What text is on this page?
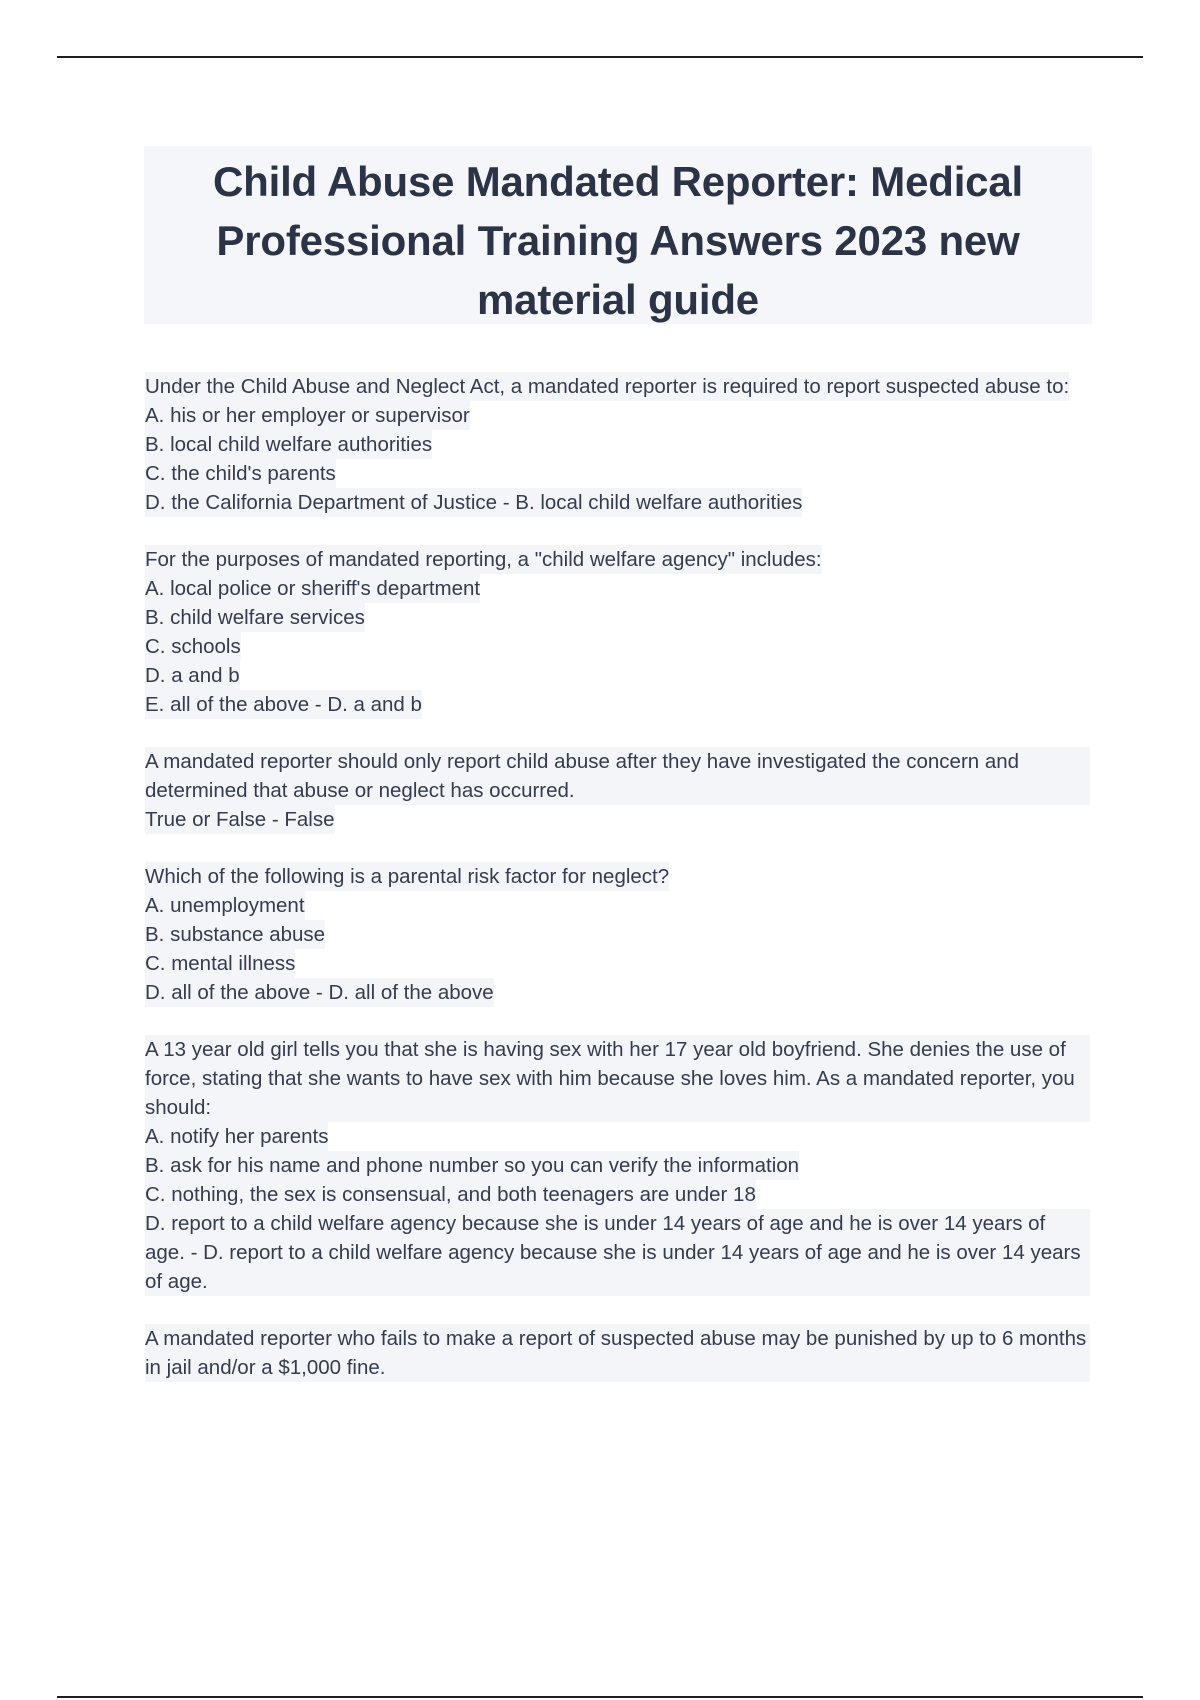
Child Abuse Mandated Reporter: Medical Professional Training Answers 2023 new material guide
Under the Child Abuse and Neglect Act, a mandated reporter is required to report suspected abuse to:
A. his or her employer or supervisor
B. local child welfare authorities
C. the child's parents
D. the California Department of Justice - B. local child welfare authorities
For the purposes of mandated reporting, a "child welfare agency" includes:
A. local police or sheriff's department
B. child welfare services
C. schools
D. a and b
E. all of the above - D. a and b
A mandated reporter should only report child abuse after they have investigated the concern and determined that abuse or neglect has occurred.
True or False - False
Which of the following is a parental risk factor for neglect?
A. unemployment
B. substance abuse
C. mental illness
D. all of the above - D. all of the above
A 13 year old girl tells you that she is having sex with her 17 year old boyfriend. She denies the use of force, stating that she wants to have sex with him because she loves him. As a mandated reporter, you should:
A. notify her parents
B. ask for his name and phone number so you can verify the information
C. nothing, the sex is consensual, and both teenagers are under 18
D. report to a child welfare agency because she is under 14 years of age and he is over 14 years of age. - D. report to a child welfare agency because she is under 14 years of age and he is over 14 years of age.
A mandated reporter who fails to make a report of suspected abuse may be punished by up to 6 months in jail and/or a $1,000 fine.
